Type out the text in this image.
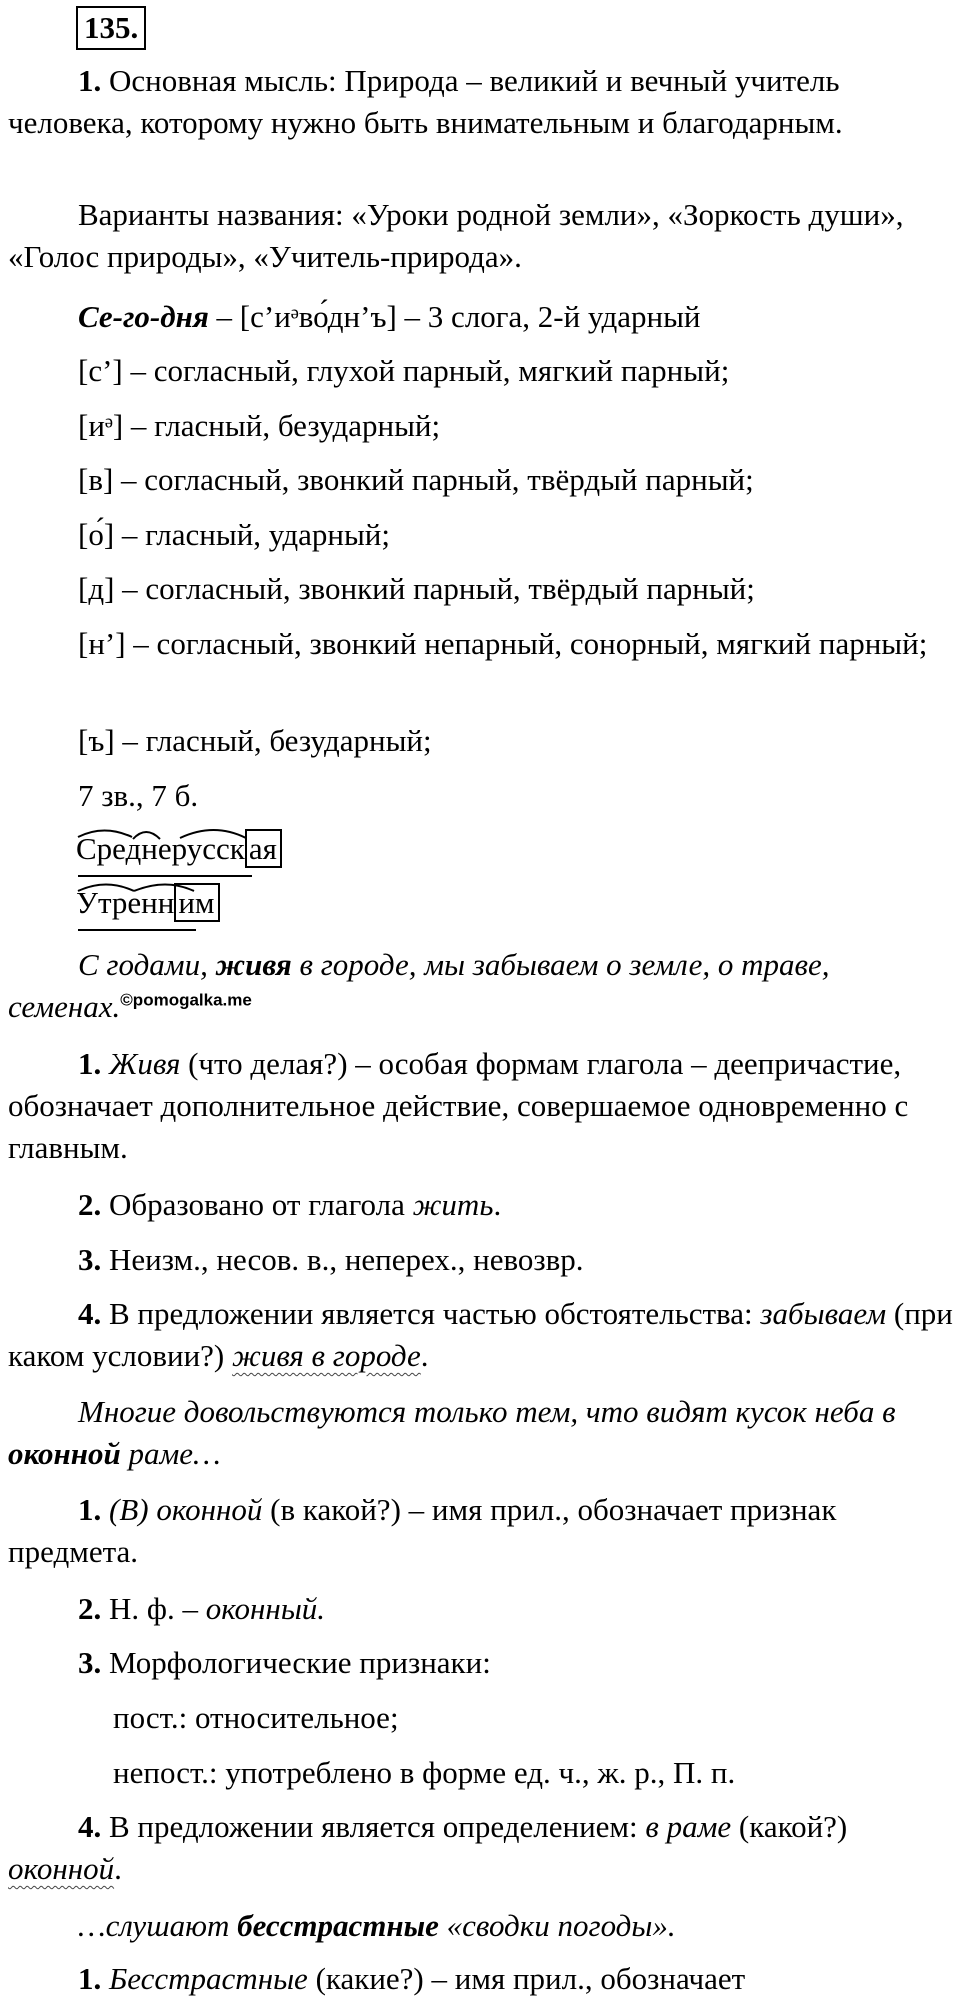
135.
1. Основная мысль: Природа – великий и вечный учитель человека, которому нужно быть внимательным и благодарным.
Варианты названия: «Уроки родной земли», «Зоркость души», «Голос природы», «Учитель-природа».
Се-го-дня – [с’иᵊво́дн’ъ] – 3 слога, 2-й ударный
[с’] – согласный, глухой парный, мягкий парный;
[иᵊ] – гласный, безударный;
[в] – согласный, звонкий парный, твёрдый парный;
[о́] – гласный, ударный;
[д] – согласный, звонкий парный, твёрдый парный;
[н’] – согласный, звонкий непарный, сонорный, мягкий парный;
[ъ] – гласный, безударный;
7 зв., 7 б.
Среднерусск ая
Утренн им
С годами, живя в городе, мы забываем о земле, о траве, семенах.$^{©pomogalka.me}$
1. Живя (что делая?) – особая формам глагола – деепричастие, обозначает дополнительное действие, совершаемое одновременно с главным.
2. Образовано от глагола жить.
3. Неизм., несов. в., неперех., невозвр.
4. В предложении является частью обстоятельства: забываем (при каком условии?) живя в городе.
Многие довольствуются только тем, что видят кусок неба в оконной раме…
1. (В) оконной (в какой?) – имя прил., обозначает признак предмета.
2. Н. ф. – оконный.
3. Морфологические признаки:
пост.: относительное;
непост.: употреблено в форме ед. ч., ж. р., П. п.
4. В предложении является определением: в раме (какой?) оконной.
…слушают бесстрастные «сводки погоды».
1. Бесстрастные (какие?) – имя прил., обозначает
